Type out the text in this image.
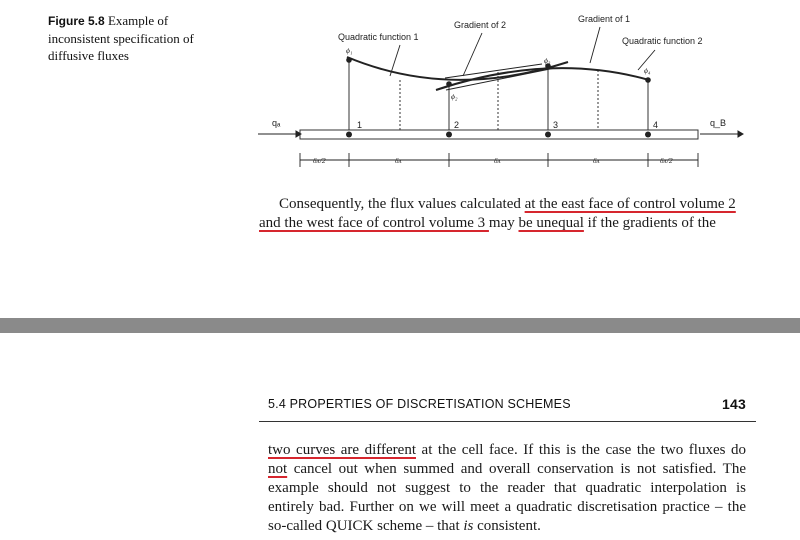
Figure 5.8 Example of
inconsistent specification of
diffusive fluxes
qₐ	q_B
1	2	3	4
ϕ₁
ϕ₂
ϕ₃
ϕ₄
Quadratic function 1
Gradient of 2
Gradient of 1
Quadratic function 2
δx/2	δx	δx	δx	δx/2
Consequently, the flux values calculated at the east face of control volume 2
and the west face of control volume 3 may be unequal if the gradients of the
5.4 PROPERTIES OF DISCRETISATION SCHEMES	143
two curves are different at the cell face. If this is the case the two fluxes do
not cancel out when summed and overall conservation is not satisfied. The
example should not suggest to the reader that quadratic interpolation is
entirely bad. Further on we will meet a quadratic discretisation practice – the
so-called QUICK scheme – that is consistent.
